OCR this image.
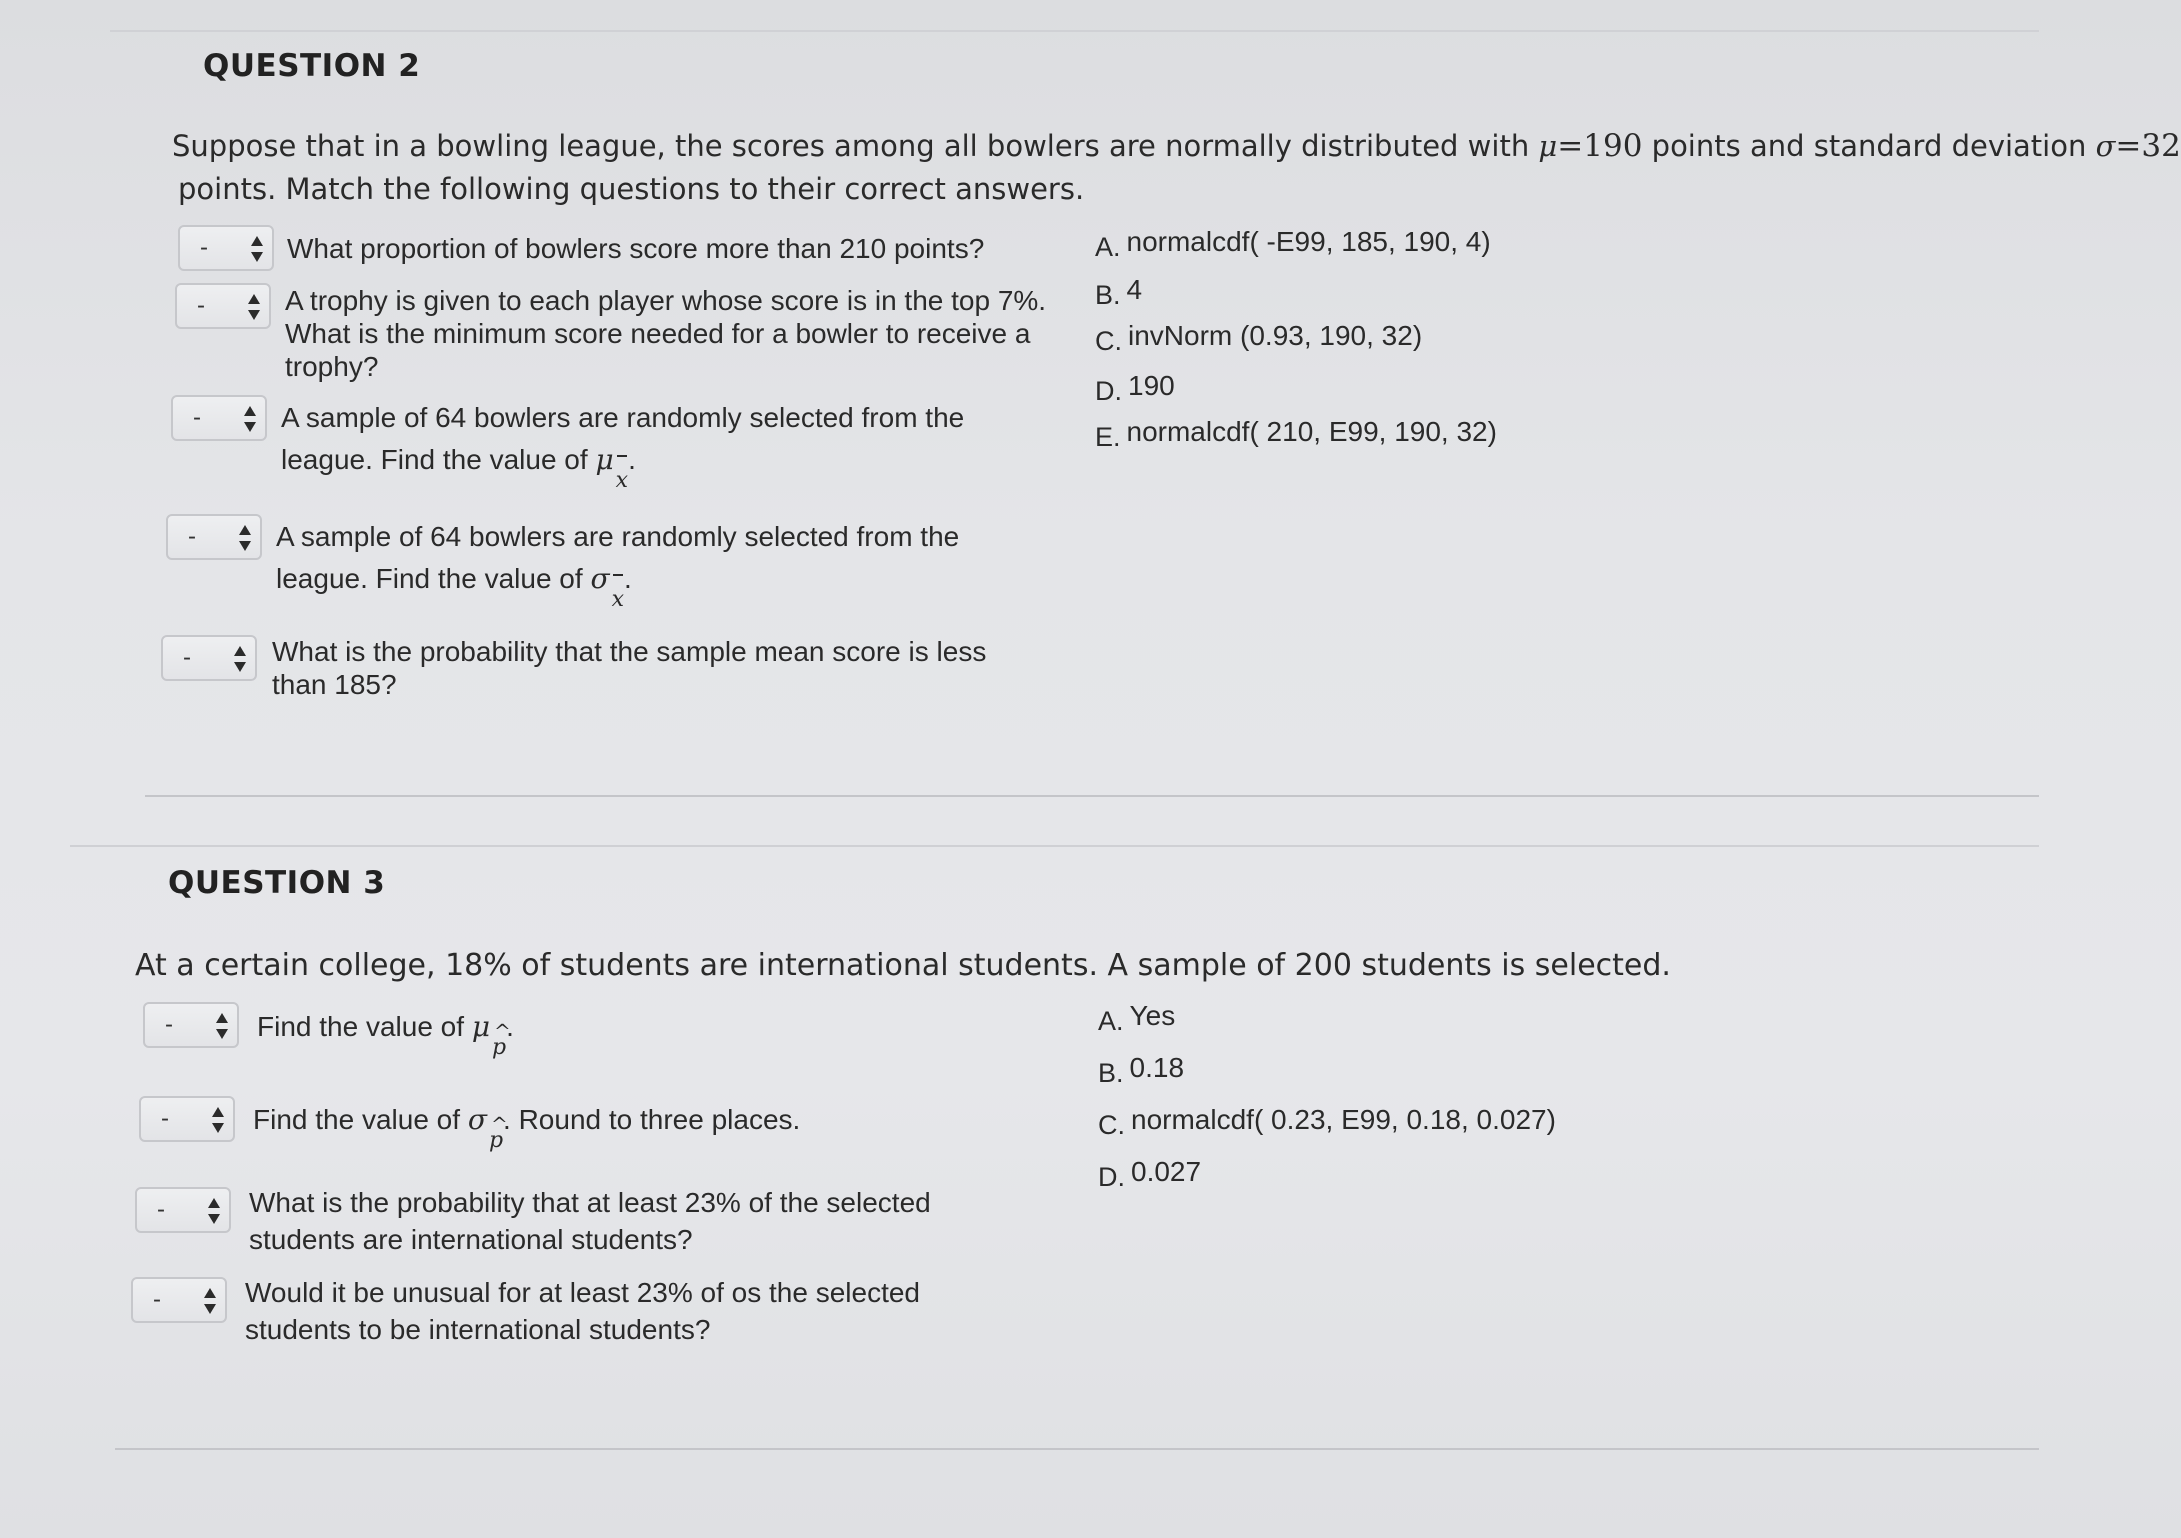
QUESTION 2
Suppose that in a bowling league, the scores among all bowlers are normally distributed with μ=190 points and standard deviation σ=32
points. Match the following questions to their correct answers.
-
-
-
-
-
What proportion of bowlers score more than 210 points?
A trophy is given to each player whose score is in the top 7%.
What is the minimum score needed for a bowler to receive a
trophy?
A sample of 64 bowlers are randomly selected from the
league. Find the value of μx.
A sample of 64 bowlers are randomly selected from the
league. Find the value of σx.
What is the probability that the sample mean score is less
than 185?
A. normalcdf( -E99, 185, 190, 4)
B. 4
C. invNorm (0.93, 190, 32)
D. 190
E. normalcdf( 210, E99, 190, 32)
QUESTION 3
At a certain college, 18% of students are international students. A sample of 200 students is selected.
-
-
-
-
Find the value of μ^ p.
Find the value of σ^ p. Round to three places.
What is the probability that at least 23% of the selected
students are international students?
Would it be unusual for at least 23% of os the selected
students to be international students?
A. Yes
B. 0.18
C. normalcdf( 0.23, E99, 0.18, 0.027)
D. 0.027
